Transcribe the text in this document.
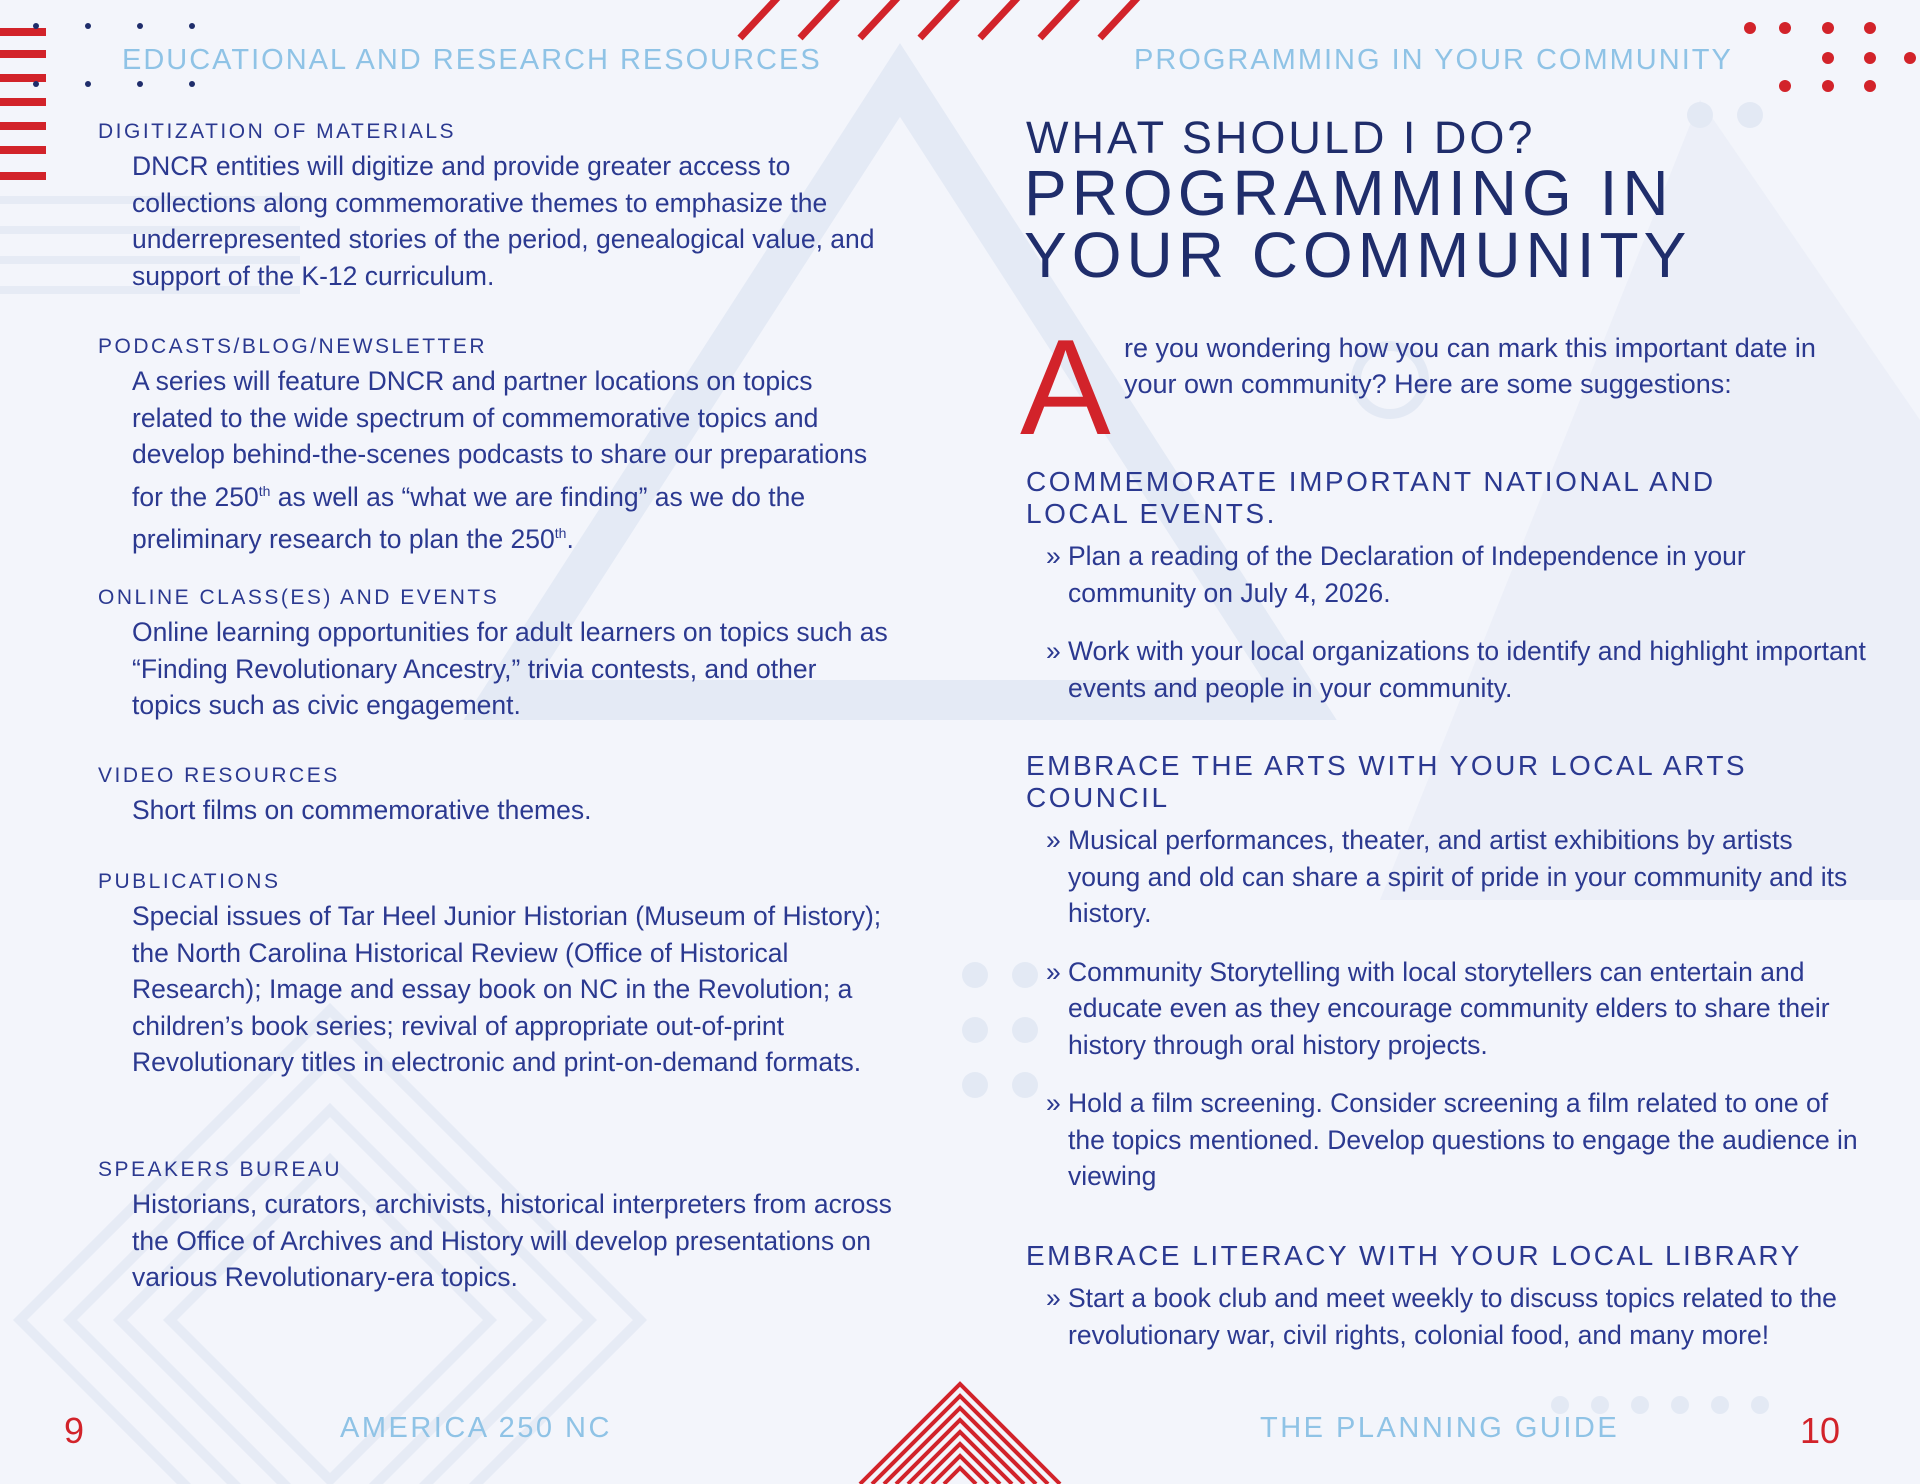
EDUCATIONAL AND RESEARCH RESOURCES
DIGITIZATION OF MATERIALS

DNCR entities will digitize and provide greater access to collections along commemorative themes to emphasize the underrepresented stories of the period, genealogical value, and support of the K-12 curriculum.

PODCASTS/BLOG/NEWSLETTER

A series will feature DNCR and partner locations on topics related to the wide spectrum of commemorative topics and develop behind-the-scenes podcasts to share our preparations for the 250th as well as “what we are finding” as we do the preliminary research to plan the 250th.

ONLINE CLASS(ES) AND EVENTS

Online learning opportunities for adult learners on topics such as “Finding Revolutionary Ancestry,” trivia contests, and other topics such as civic engagement.

VIDEO RESOURCES

Short films on commemorative themes.

PUBLICATIONS

Special issues of Tar Heel Junior Historian (Museum of History); the North Carolina Historical Review (Office of Historical Research); Image and essay book on NC in the Revolution; a children’s book series; revival of appropriate out-of-print Revolutionary titles in electronic and print-on-demand formats.

SPEAKERS BUREAU

Historians, curators, archivists, historical interpreters from across the Office of Archives and History will develop presentations on various Revolutionary-era topics.

9	AMERICA 250 NC
PROGRAMMING IN YOUR COMMUNITY
WHAT SHOULD I DO?
PROGRAMMING IN
YOUR COMMUNITY
A re you wondering how you can mark this important date in your own community? Here are some suggestions:

COMMEMORATE IMPORTANT NATIONAL AND LOCAL EVENTS.
» Plan a reading of the Declaration of Independence in your community on July 4, 2026.
» Work with your local organizations to identify and highlight important events and people in your community.
EMBRACE THE ARTS WITH YOUR LOCAL ARTS COUNCIL
» Musical performances, theater, and artist exhibitions by artists young and old can share a spirit of pride in your community and its history.
» Community Storytelling with local storytellers can entertain and educate even as they encourage community elders to share their history through oral history projects.
» Hold a film screening. Consider screening a film related to one of the topics mentioned. Develop questions to engage the audience in viewing
EMBRACE LITERACY WITH YOUR LOCAL LIBRARY
» Start a book club and meet weekly to discuss topics related to the revolutionary war, civil rights, colonial food, and many more!
THE PLANNING GUIDE	10
